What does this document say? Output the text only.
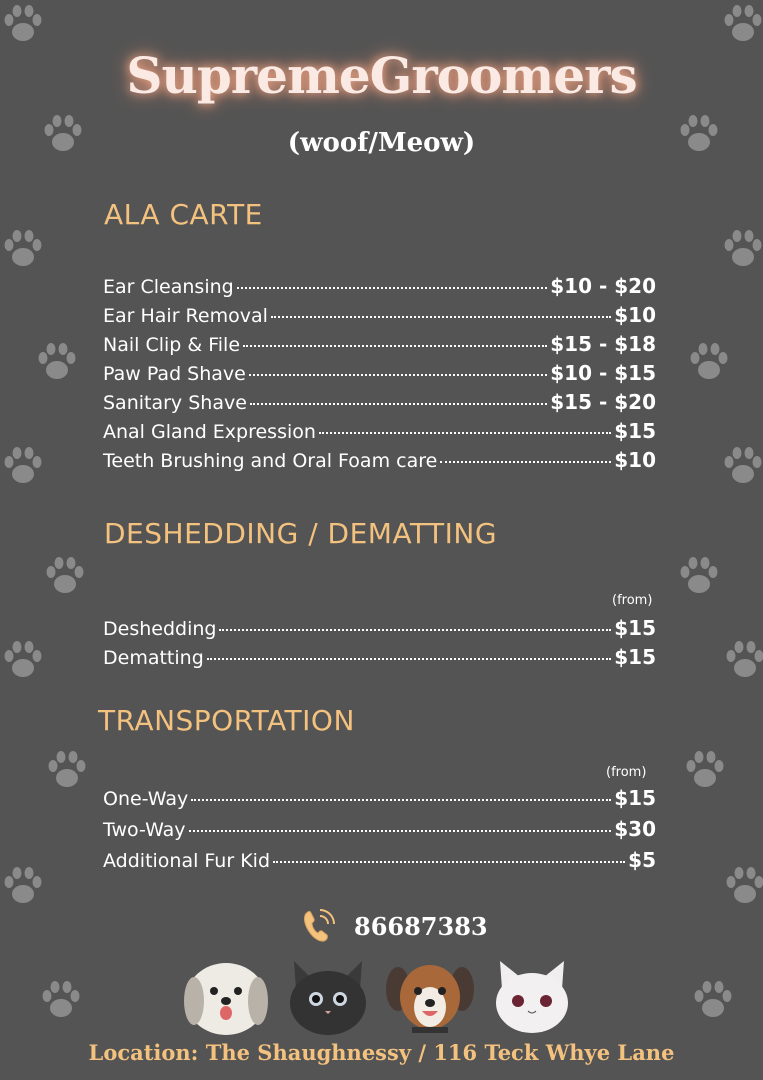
SupremeGroomers
(woof/Meow)
ALA CARTE
Ear Cleansing	$10 - $20
Ear Hair Removal	$10
Nail Clip & File	$15 - $18
Paw Pad Shave	$10 - $15
Sanitary Shave	$15 - $20
Anal Gland Expression	$15
Teeth Brushing and Oral Foam care	$10
DESHEDDING / DEMATTING
(from)
Deshedding	$15
Dematting	$15
TRANSPORTATION
(from)
One-Way	$15
Two-Way	$30
Additional Fur Kid	$5
86687383
Location: The Shaughnessy / 116 Teck Whye Lane
